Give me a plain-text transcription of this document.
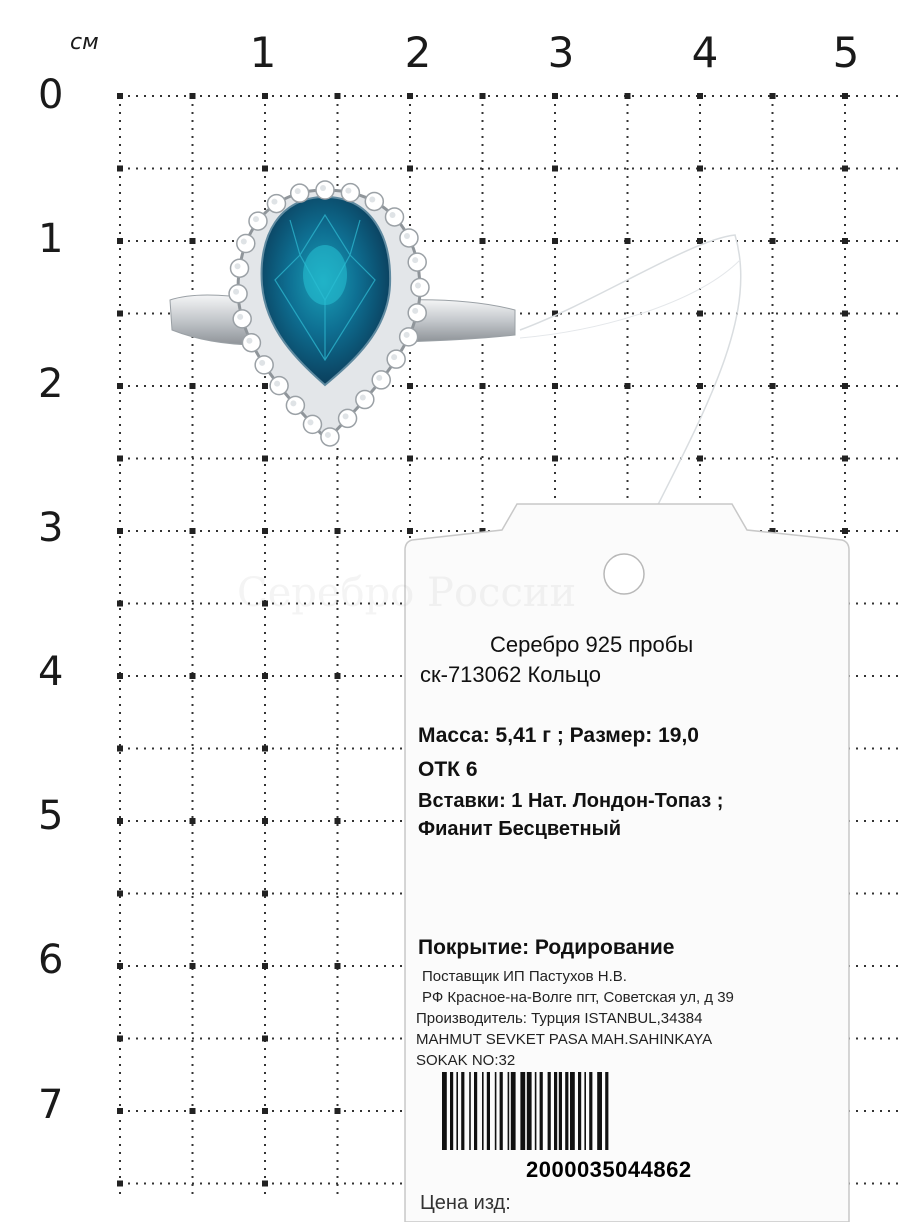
см	1	2	3	4	5
0
1
2
3
4
5
6
7
Серебро России
Серебро 925 пробы
ск-713062 Кольцо
Масса: 5,41 г ; Размер: 19,0
ОТК 6
Вставки: 1 Нат. Лондон-Топаз ;
Фианит Бесцветный
Покрытие: Родирование
Поставщик ИП Пастухов Н.В.
РФ Красное-на-Волге пгт, Советская ул, д 39
Производитель: Турция ISTANBUL,34384
MAHMUT SEVKET PASA MAH.SAHINKAYA
SOKAK NO:32
2000035044862
Цена изд:
